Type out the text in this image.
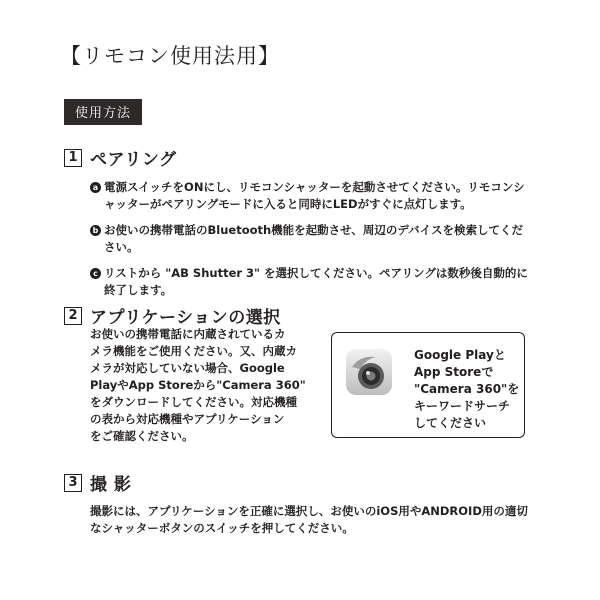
【リモコン使用法用】
使用方法
1 ペアリング
a 電源スイッチをONにし、リモコンシャッターを起動させてください。リモコンシャッターがペアリングモードに入ると同時にLEDがすぐに点灯します。
b お使いの携帯電話のBluetooth機能を起動させ、周辺のデバイスを検索してください。
c リストから "AB Shutter 3" を選択してください。ペアリングは数秒後自動的に終了します。
2 アプリケーションの選択
お使いの携帯電話に内蔵されているカ
メラ機能をご使用ください。又、内蔵カ
メラが対応していない場合、Google
PlayやApp Storeから"Camera 360"
をダウンロードしてください。対応機種
の表から対応機種やアプリケーション
をご確認ください。
Google Playと
App Storeで
"Camera 360"を
キーワードサーチ
してください
3 撮 影
撮影には、アプリケーションを正確に選択し、お使いのiOS用やANDROID用の適切なシャッターボタンのスイッチを押してください。
